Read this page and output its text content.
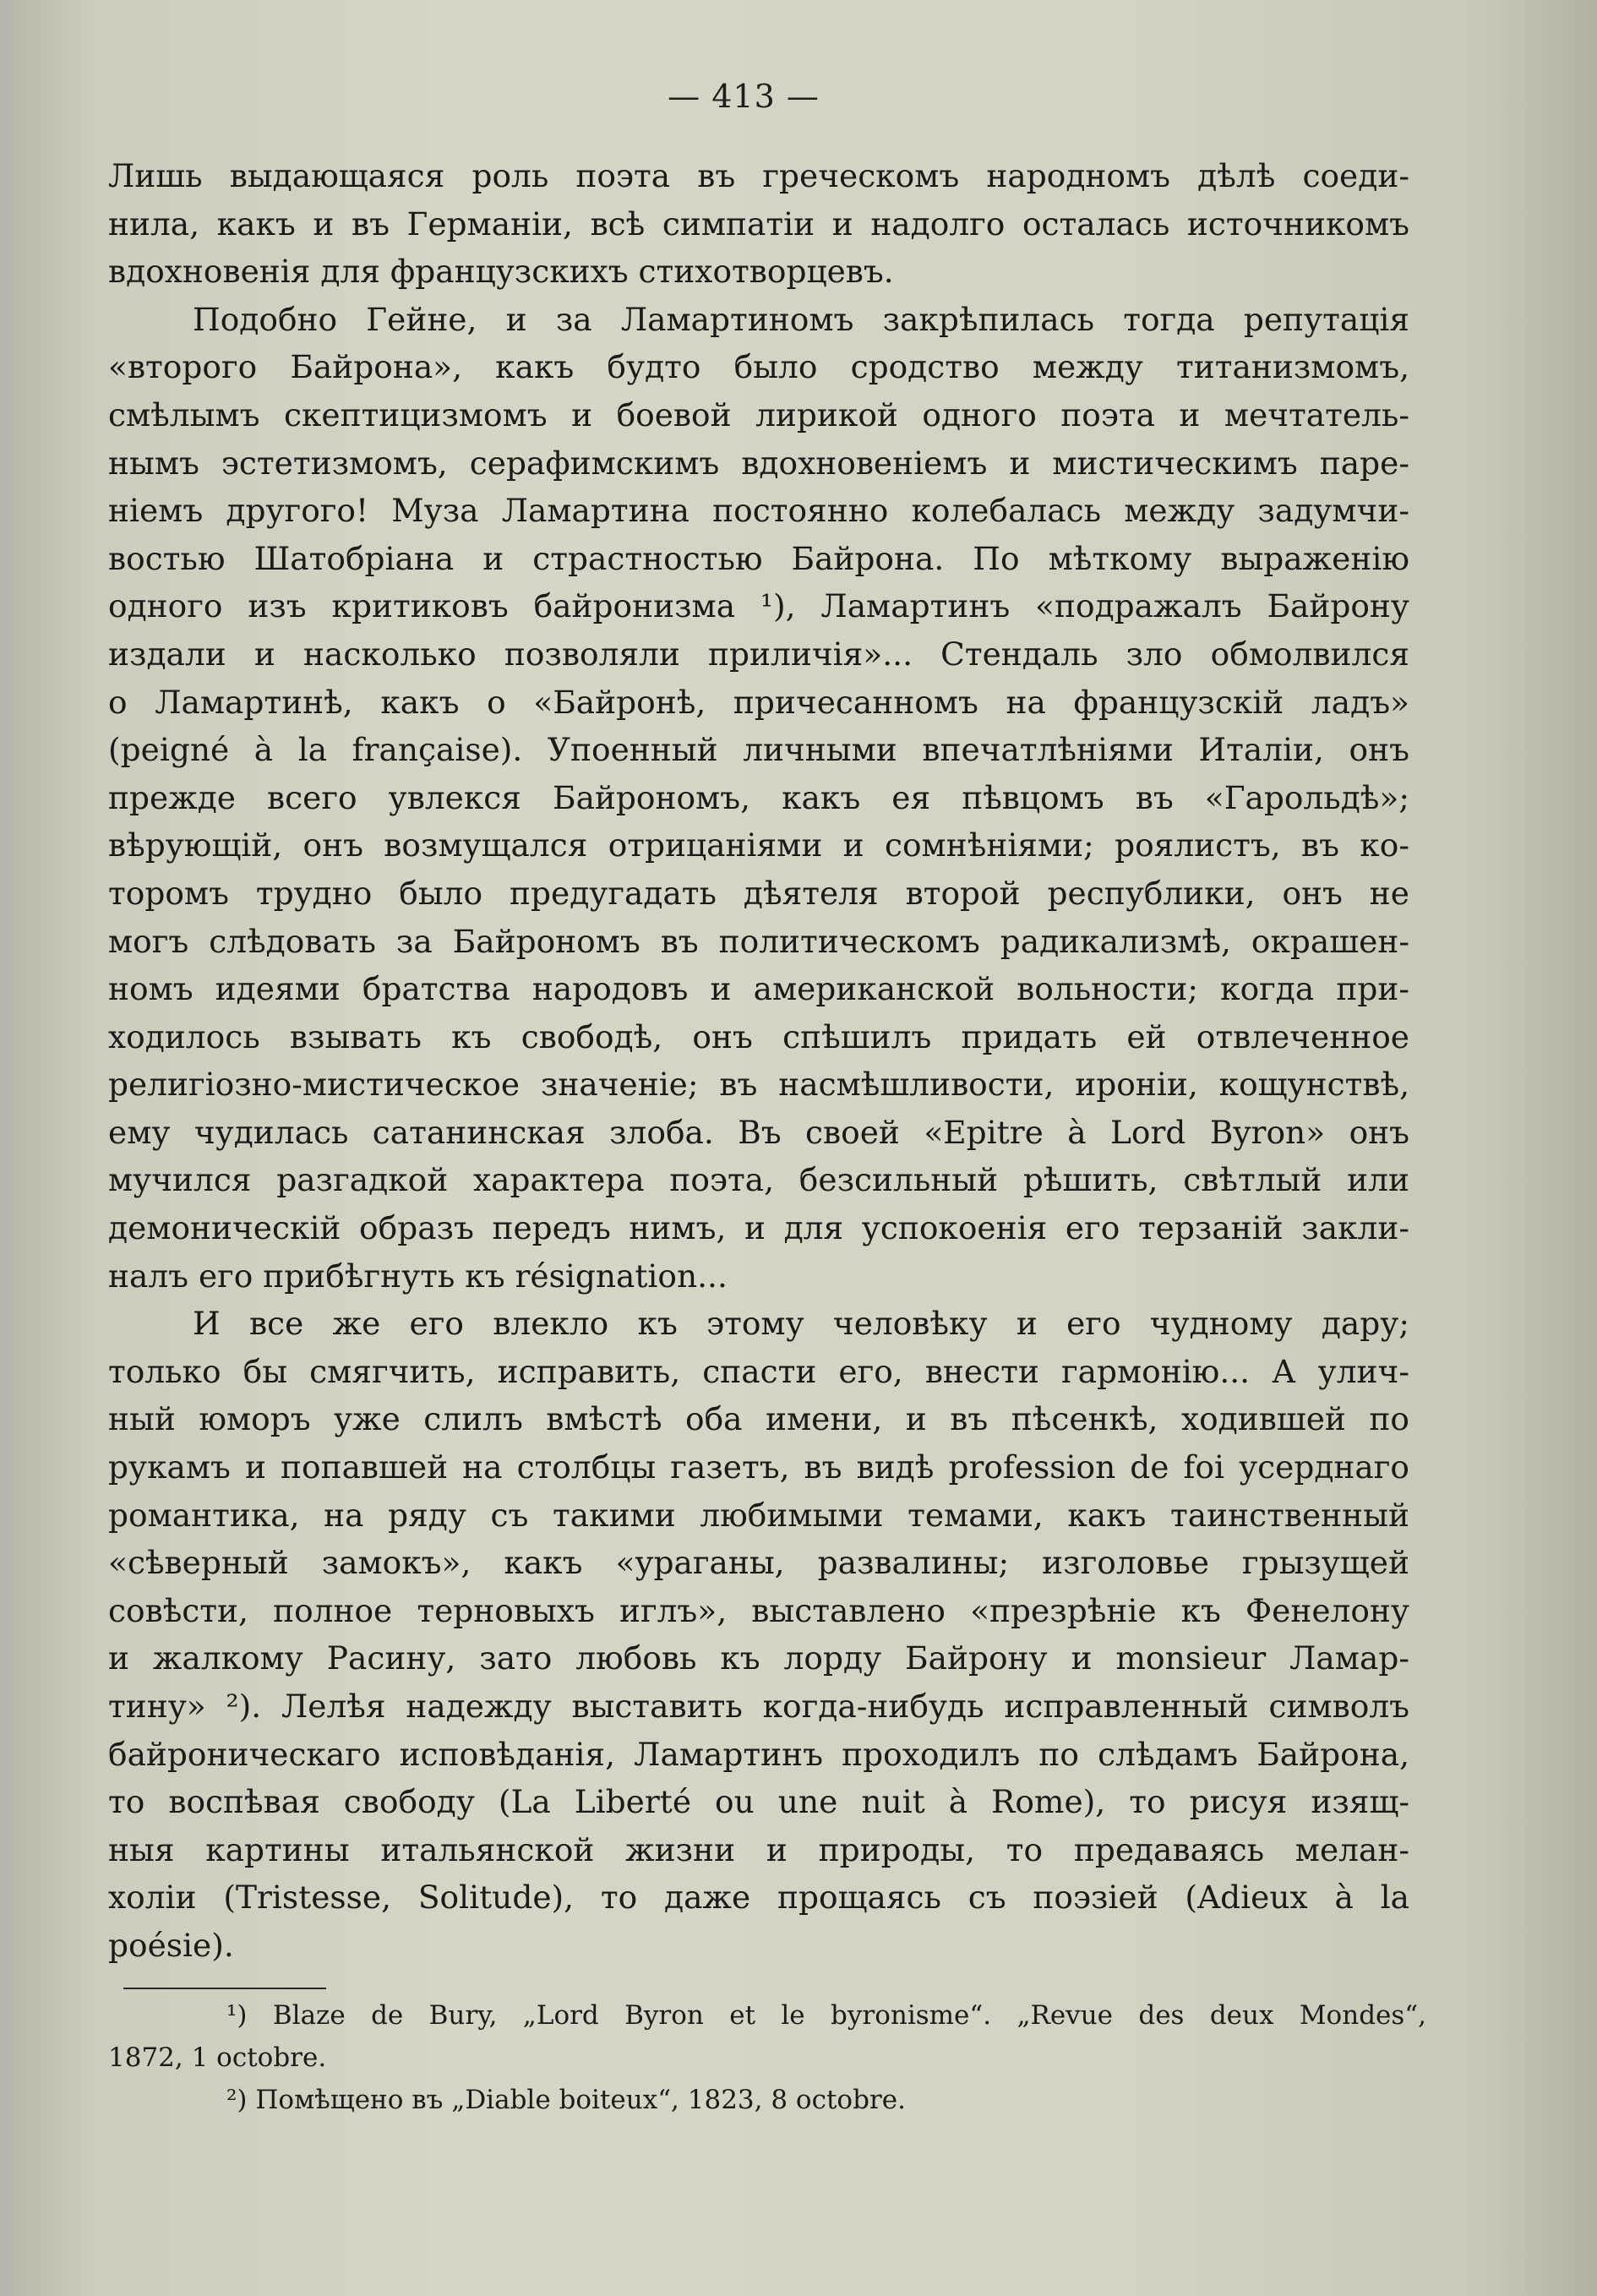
— 413 —
Лишь выдающаяся роль поэта въ греческомъ народномъ дѣлѣ соеди-
нила, какъ и въ Германiи, всѣ симпатiи и надолго осталась источникомъ
вдохновенiя для французскихъ стихотворцевъ.
Подобно Гейне, и за Ламартиномъ закрѣпилась тогда репутацiя
«второго Байрона», какъ будто было сродство между титанизмомъ,
смѣлымъ скептицизмомъ и боевой лирикой одного поэта и мечтатель-
нымъ эстетизмомъ, серафимскимъ вдохновенiемъ и мистическимъ паре-
нiемъ другого! Муза Ламартина постоянно колебалась между задумчи-
востью Шатобрiана и страстностью Байрона. По мѣткому выраженiю
одного изъ критиковъ байронизма ¹), Ламартинъ «подражалъ Байрону
издали и насколько позволяли приличiя»... Стендаль зло обмолвился
о Ламартинѣ, какъ о «Байронѣ, причесанномъ на французскiй ладъ»
(peigné à la française). Упоенный личными впечатлѣнiями Италiи, онъ
прежде всего увлекся Байрономъ, какъ ея пѣвцомъ въ «Гарольдѣ»;
вѣрующiй, онъ возмущался отрицанiями и сомнѣнiями; роялистъ, въ ко-
торомъ трудно было предугадать дѣятеля второй республики, онъ не
могъ слѣдовать за Байрономъ въ политическомъ радикализмѣ, окрашен-
номъ идеями братства народовъ и американской вольности; когда при-
ходилось взывать къ свободѣ, онъ спѣшилъ придать ей отвлеченное
религiозно-мистическое значенiе; въ насмѣшливости, иронiи, кощунствѣ,
ему чудилась сатанинская злоба. Въ своей «Epitre à Lord Byron» онъ
мучился разгадкой характера поэта, безсильный рѣшить, свѣтлый или
демоническiй образъ передъ нимъ, и для успокоенiя его терзанiй закли-
налъ его прибѣгнуть къ résignation...
И все же его влекло къ этому человѣку и его чудному дару;
только бы смягчить, исправить, спасти его, внести гармонiю... А улич-
ный юморъ уже слилъ вмѣстѣ оба имени, и въ пѣсенкѣ, ходившей по
рукамъ и попавшей на столбцы газетъ, въ видѣ profession de foi усерднаго
романтика, на ряду съ такими любимыми темами, какъ таинственный
«сѣверный замокъ», какъ «ураганы, развалины; изголовье грызущей
совѣсти, полное терновыхъ иглъ», выставлено «презрѣнiе къ Фенелону
и жалкому Расину, зато любовь къ лорду Байрону и monsieur Ламар-
тину» ²). Лелѣя надежду выставить когда-нибудь исправленный символъ
байроническаго исповѣданiя, Ламартинъ проходилъ по слѣдамъ Байрона,
то воспѣвая свободу (La Liberté ou une nuit à Rome), то рисуя изящ-
ныя картины итальянской жизни и природы, то предаваясь мелан-
холiи (Tristesse, Solitude), то даже прощаясь съ поэзiей (Adieux à la
poésie).
¹) Blaze de Bury, „Lord Byron et le byronisme“. „Revue des deux Mondes“,
1872, 1 octobre.
²) Помѣщено въ „Diable boiteux“, 1823, 8 octobre.
